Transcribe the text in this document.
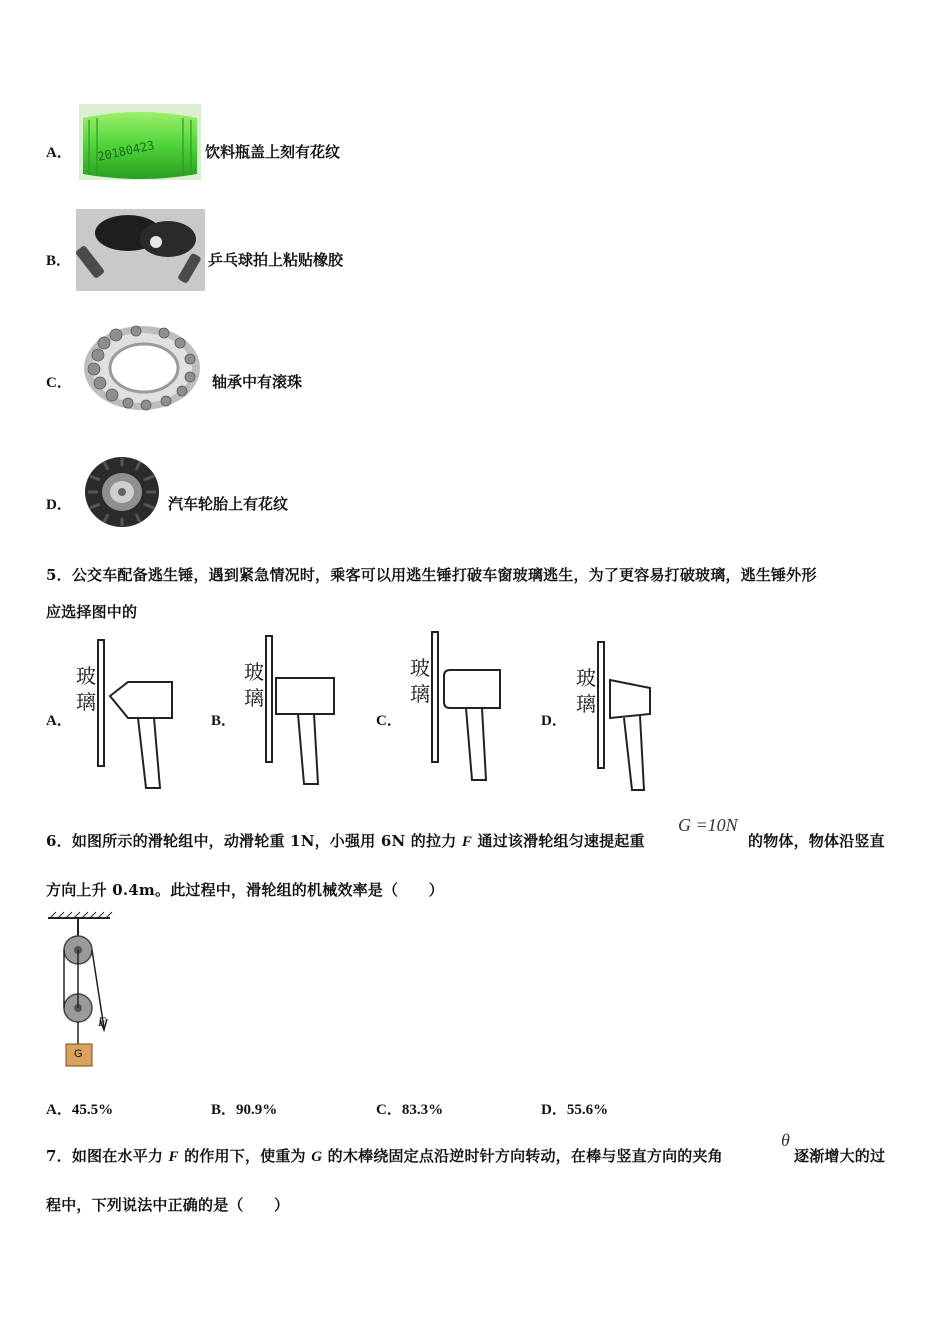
A． 20180423	饮料瓶盖上刻有花纹
B．	乒乓球拍上粘贴橡胶
C．	轴承中有滚珠
D．	汽车轮胎上有花纹
5．公交车配备逃生锤，遇到紧急情况时，乘客可以用逃生锤打破车窗玻璃逃生，为了更容易打破玻璃，逃生锤外形
应选择图中的
A．
玻
璃
B．
玻
璃
C．
玻
璃
D．
玻
璃
6．如图所示的滑轮组中，动滑轮重 1N，小强用 6N 的拉力 F 通过该滑轮组匀速提起重
G =10N
的物体，物体沿竖直
方向上升 0.4m。此过程中，滑轮组的机械效率是（　　）
F
G
A．45.5%	B．90.9%	C．83.3%	D．55.6%
7．如图在水平力 F 的作用下，使重为 G 的木棒绕固定点沿逆时针方向转动，在棒与竖直方向的夹角
θ
逐渐增大的过
程中，下列说法中正确的是（　　）
